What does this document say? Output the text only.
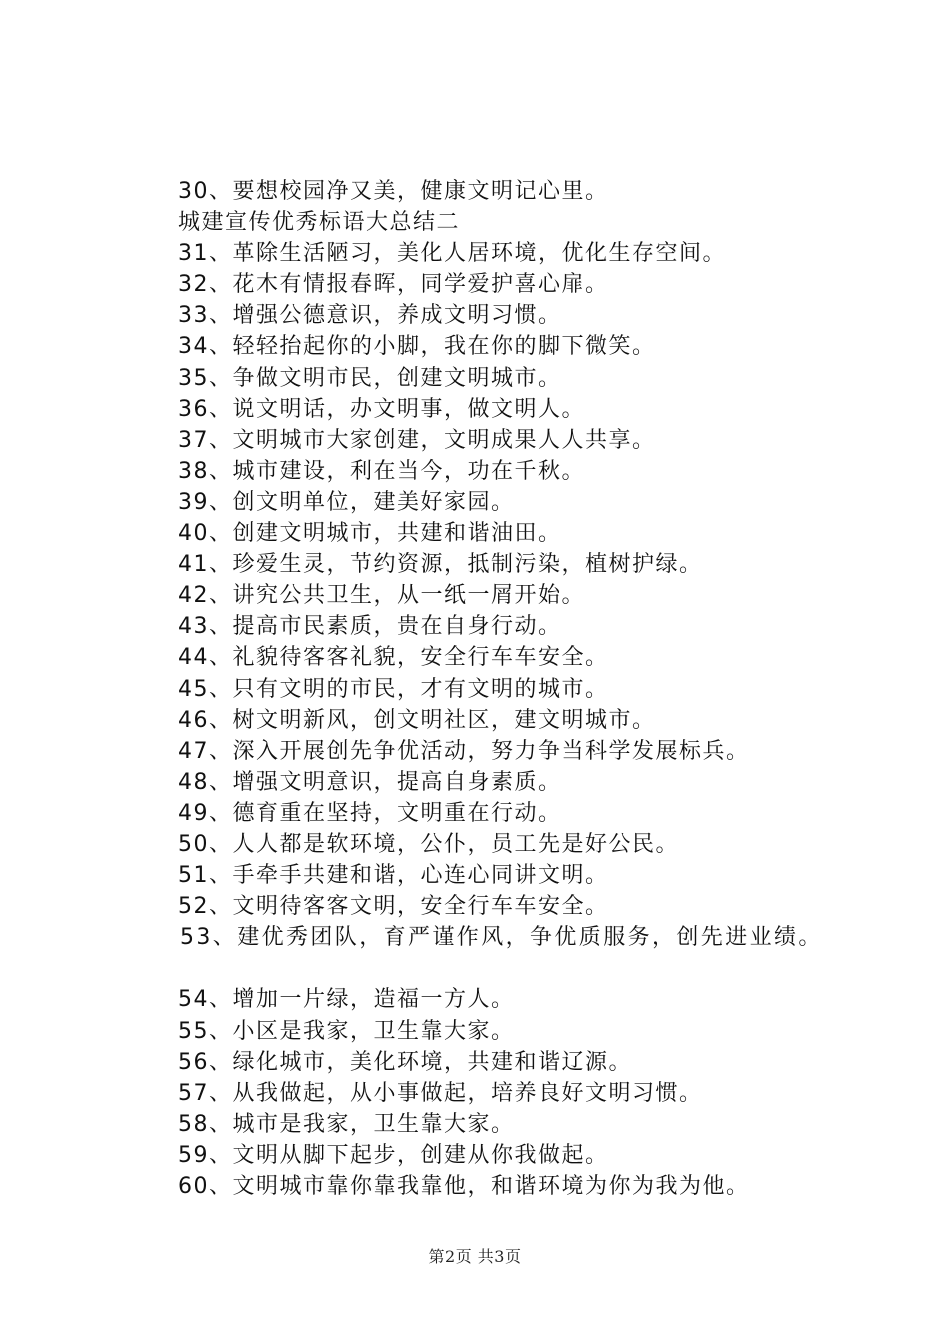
30、要想校园净又美，健康文明记心里。
城建宣传优秀标语大总结二
31、革除生活陋习，美化人居环境，优化生存空间。
32、花木有情报春晖，同学爱护喜心扉。
33、增强公德意识，养成文明习惯。
34、轻轻抬起你的小脚，我在你的脚下微笑。
35、争做文明市民，创建文明城市。
36、说文明话，办文明事，做文明人。
37、文明城市大家创建，文明成果人人共享。
38、城市建设，利在当今，功在千秋。
39、创文明单位，建美好家园。
40、创建文明城市，共建和谐油田。
41、珍爱生灵，节约资源，抵制污染，植树护绿。
42、讲究公共卫生，从一纸一屑开始。
43、提高市民素质，贵在自身行动。
44、礼貌待客客礼貌，安全行车车安全。
45、只有文明的市民，才有文明的城市。
46、树文明新风，创文明社区，建文明城市。
47、深入开展创先争优活动，努力争当科学发展标兵。
48、增强文明意识，提高自身素质。
49、德育重在坚持，文明重在行动。
50、人人都是软环境，公仆，员工先是好公民。
51、手牵手共建和谐，心连心同讲文明。
52、文明待客客文明，安全行车车安全。
53、建优秀团队，育严谨作风，争优质服务，创先进业绩。
54、增加一片绿，造福一方人。
55、小区是我家，卫生靠大家。
56、绿化城市，美化环境，共建和谐辽源。
57、从我做起，从小事做起，培养良好文明习惯。
58、城市是我家，卫生靠大家。
59、文明从脚下起步，创建从你我做起。
60、文明城市靠你靠我靠他，和谐环境为你为我为他。
第2页 共3页
